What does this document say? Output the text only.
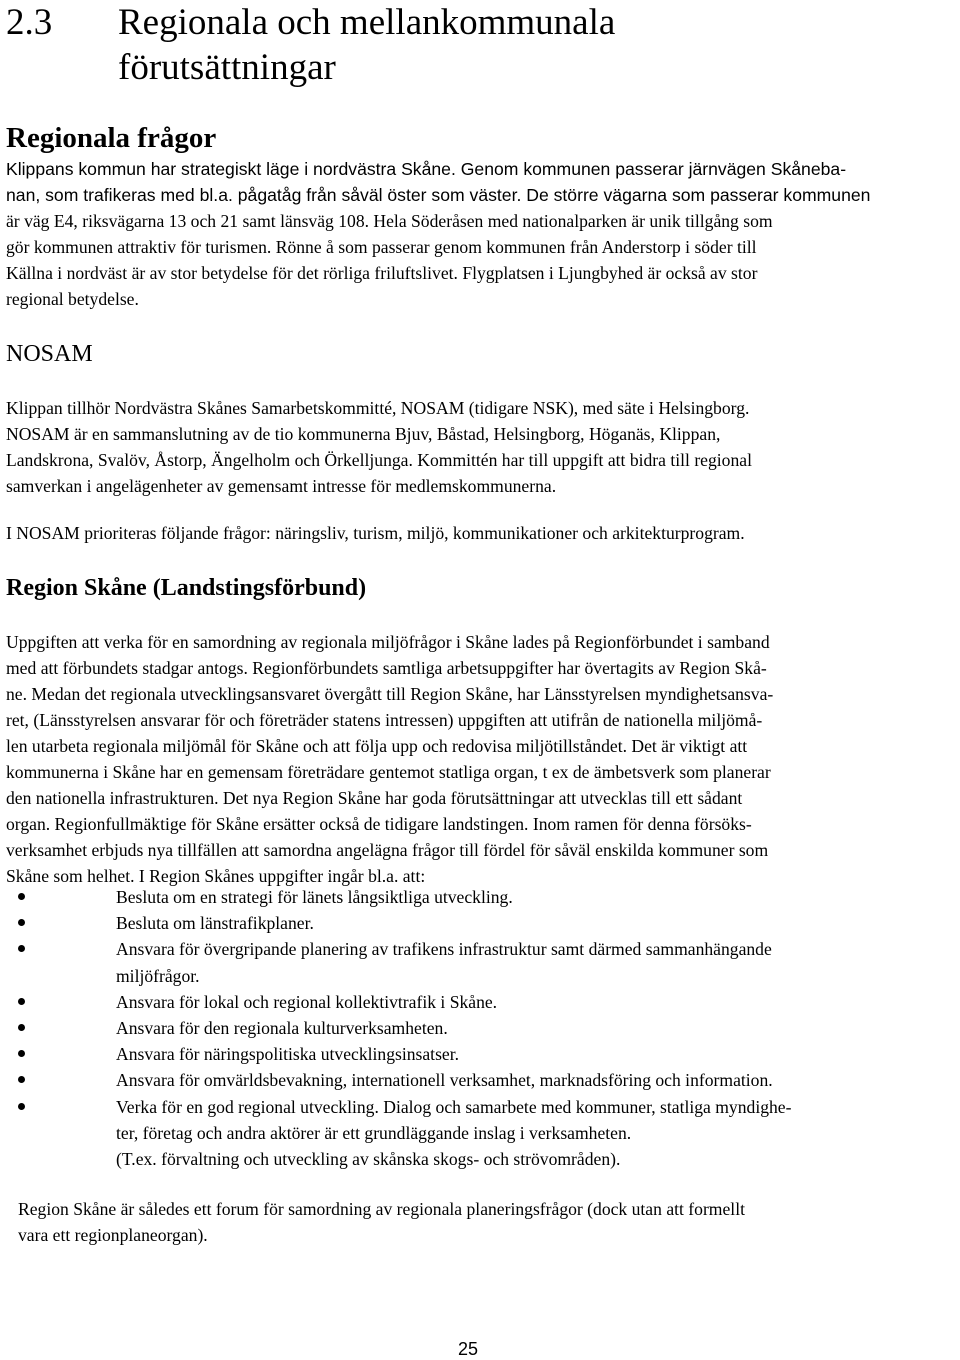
2.3 Regionala och mellankommunala
förutsättningar
Regionala frågor

Klippans kommun har strategiskt läge i nordvästra Skåne. Genom kommunen passerar järnvägen Skåneba-
nan, som trafikeras med bl.a. pågatåg från såväl öster som väster. De större vägarna som passerar kommunen
är väg E4, riksvägarna 13 och 21 samt länsväg 108. Hela Söderåsen med nationalparken är unik tillgång som
gör kommunen attraktiv för turismen. Rönne å som passerar genom kommunen från Anderstorp i söder till
Källna i nordväst är av stor betydelse för det rörliga friluftslivet. Flygplatsen i Ljungbyhed är också av stor
regional betydelse.

NOSAM

Klippan tillhör Nordvästra Skånes Samarbetskommitté, NOSAM (tidigare NSK), med säte i Helsingborg.
NOSAM är en sammanslutning av de tio kommunerna Bjuv, Båstad, Helsingborg, Höganäs, Klippan,
Landskrona, Svalöv, Åstorp, Ängelholm och Örkelljunga. Kommittén har till uppgift att bidra till regional
samverkan i angelägenheter av gemensamt intresse för medlemskommunerna.

I NOSAM prioriteras följande frågor: näringsliv, turism, miljö, kommunikationer och arkitekturprogram.

Region Skåne (Landstingsförbund)

Uppgiften att verka för en samordning av regionala miljöfrågor i Skåne lades på Regionförbundet i samband
med att förbundets stadgar antogs. Regionförbundets samtliga arbetsuppgifter har övertagits av Region Skå-
ne. Medan det regionala utvecklingsansvaret övergått till Region Skåne, har Länsstyrelsen myndighetsansva-
ret, (Länsstyrelsen ansvarar för och företräder statens intressen) uppgiften att utifrån de nationella miljömå-
len utarbeta regionala miljömål för Skåne och att följa upp och redovisa miljötillståndet. Det är viktigt att
kommunerna i Skåne har en gemensam företrädare gentemot statliga organ, t ex de ämbetsverk som planerar
den nationella infrastrukturen. Det nya Region Skåne har goda förutsättningar att utvecklas till ett sådant
organ. Regionfullmäktige för Skåne ersätter också de tidigare landstingen. Inom ramen för denna försöks-
verksamhet erbjuds nya tillfällen att samordna angelägna frågor till fördel för såväl enskilda kommuner som
Skåne som helhet. I Region Skånes uppgifter ingår bl.a. att:

Besluta om en strategi för länets långsiktliga utveckling.
Besluta om länstrafikplaner.
Ansvara för övergripande planering av trafikens infrastruktur samt därmed sammanhängande
miljöfrågor.
Ansvara för lokal och regional kollektivtrafik i Skåne.
Ansvara för den regionala kulturverksamheten.
Ansvara för näringspolitiska utvecklingsinsatser.
Ansvara för omvärldsbevakning, internationell verksamhet, marknadsföring och information.
Verka för en god regional utveckling. Dialog och samarbete med kommuner, statliga myndighe-
ter, företag och andra aktörer är ett grundläggande inslag i verksamheten.
(T.ex. förvaltning och utveckling av skånska skogs- och strövområden).

Region Skåne är således ett forum för samordning av regionala planeringsfrågor (dock utan att formellt
vara ett regionplaneorgan).

25
